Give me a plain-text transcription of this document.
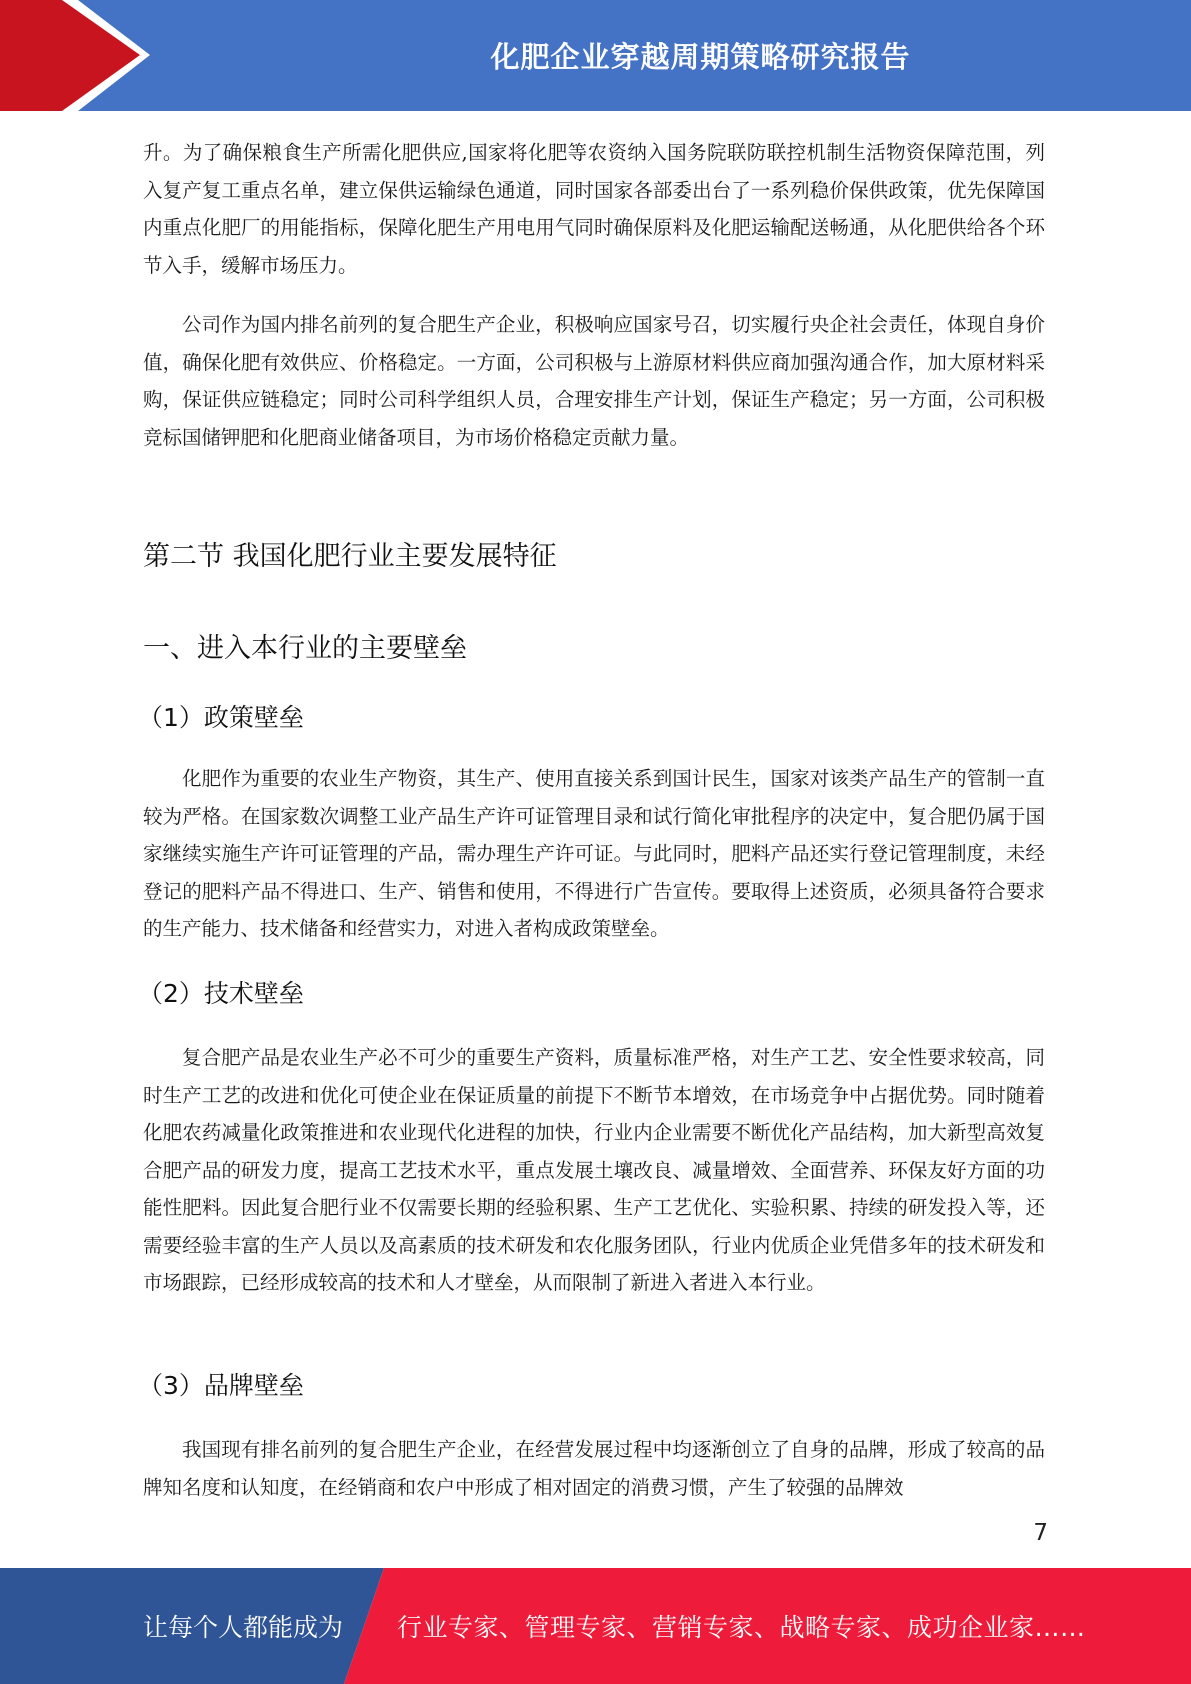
化肥企业穿越周期策略研究报告

升。为了确保粮食生产所需化肥供应,国家将化肥等农资纳入国务院联防联控机制生活物资保障范围，列入复产复工重点名单，建立保供运输绿色通道，同时国家各部委出台了一系列稳价保供政策，优先保障国内重点化肥厂的用能指标，保障化肥生产用电用气同时确保原料及化肥运输配送畅通，从化肥供给各个环节入手，缓解市场压力。

公司作为国内排名前列的复合肥生产企业，积极响应国家号召，切实履行央企社会责任，体现自身价值，确保化肥有效供应、价格稳定。一方面，公司积极与上游原材料供应商加强沟通合作，加大原材料采购，保证供应链稳定；同时公司科学组织人员，合理安排生产计划，保证生产稳定；另一方面，公司积极竞标国储钾肥和化肥商业储备项目，为市场价格稳定贡献力量。

第二节 我国化肥行业主要发展特征
一、进入本行业的主要壁垒
（1）政策壁垒

化肥作为重要的农业生产物资，其生产、使用直接关系到国计民生，国家对该类产品生产的管制一直较为严格。在国家数次调整工业产品生产许可证管理目录和试行简化审批程序的决定中，复合肥仍属于国家继续实施生产许可证管理的产品，需办理生产许可证。与此同时，肥料产品还实行登记管理制度，未经登记的肥料产品不得进口、生产、销售和使用，不得进行广告宣传。要取得上述资质，必须具备符合要求的生产能力、技术储备和经营实力，对进入者构成政策壁垒。

（2）技术壁垒

复合肥产品是农业生产必不可少的重要生产资料，质量标准严格，对生产工艺、安全性要求较高，同时生产工艺的改进和优化可使企业在保证质量的前提下不断节本增效，在市场竞争中占据优势。同时随着化肥农药减量化政策推进和农业现代化进程的加快，行业内企业需要不断优化产品结构，加大新型高效复合肥产品的研发力度，提高工艺技术水平，重点发展土壤改良、减量增效、全面营养、环保友好方面的功能性肥料。因此复合肥行业不仅需要长期的经验积累、生产工艺优化、实验积累、持续的研发投入等，还需要经验丰富的生产人员以及高素质的技术研发和农化服务团队，行业内优质企业凭借多年的技术研发和市场跟踪，已经形成较高的技术和人才壁垒，从而限制了新进入者进入本行业。

（3）品牌壁垒

我国现有排名前列的复合肥生产企业，在经营发展过程中均逐渐创立了自身的品牌，形成了较高的品牌知名度和认知度，在经销商和农户中形成了相对固定的消费习惯，产生了较强的品牌效

7
让每个人都能成为 行业专家、管理专家、营销专家、战略专家、成功企业家……
